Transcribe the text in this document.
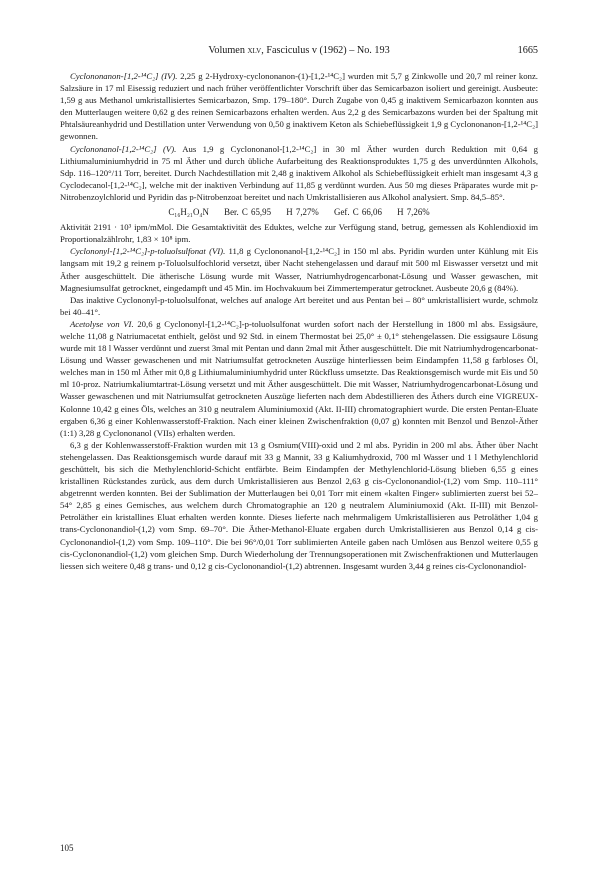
Volumen xlv, Fasciculus v (1962) – No. 193	1665

Cyclononanon-[1,2-¹⁴C₂] (IV). 2,25 g 2-Hydroxy-cyclononanon-(1)-[1,2-¹⁴C₂] wurden mit 5,7 g Zinkwolle und 20,7 ml reiner konz. Salzsäure in 17 ml Eisessig reduziert und nach früher veröffentlichter Vorschrift über das Semicarbazon isoliert und gereinigt. Ausbeute: 1,59 g aus Methanol umkristallisiertes Semicarbazon, Smp. 179–180°. Durch Zugabe von 0,45 g inaktivem Semicarbazon konnten aus den Mutterlaugen weitere 0,62 g des reinen Semicarbazons erhalten werden. Aus 2,2 g des Semicarbazons wurden bei der Spaltung mit Phtalsäureanhydrid und Destillation unter Verwendung von 0,50 g inaktivem Keton als Schiebeflüssigkeit 1,9 g Cyclononanon-[1,2-¹⁴C₂] gewonnen.

Cyclononanol-[1,2-¹⁴C₂] (V). Aus 1,9 g Cyclononanol-[1,2-¹⁴C₂] in 30 ml Äther wurden durch Reduktion mit 0,64 g Lithiumaluminiumhydrid in 75 ml Äther und durch übliche Aufarbeitung des Reaktionsproduktes 1,75 g des unverdünnten Alkohols, Sdp. 116–120°/11 Torr, bereitet. Durch Nachdestillation mit 2,48 g inaktivem Alkohol als Schiebeflüssigkeit erhielt man insgesamt 4,3 g Cyclodecanol-[1,2-¹⁴C₂], welche mit der inaktiven Verbindung auf 11,85 g verdünnt wurden. Aus 50 mg dieses Präparates wurde mit p-Nitrobenzoylchlorid und Pyridin das p-Nitrobenzoat bereitet und nach Umkristallisieren aus Alkohol analysiert. Smp. 84,5–85°.

C₁₆H₂₁O₄N Ber. C 65,95 H 7,27% Gef. C 66,06 H 7,26%

Aktivität 2191 · 10³ ipm/mMol. Die Gesamtaktivität des Eduktes, welche zur Verfügung stand, betrug, gemessen als Kohlendioxid im Proportionalzählrohr, 1,83 × 10⁸ ipm.

Cyclononyl-[1,2-¹⁴C₂]-p-toluolsulfonat (VI). 11,8 g Cyclononanol-[1,2-¹⁴C₂] in 150 ml abs. Pyridin wurden unter Kühlung mit Eis langsam mit 19,2 g reinem p-Toluolsulfochlorid versetzt, über Nacht stehengelassen und darauf mit 500 ml Eiswasser versetzt und mit Äther ausgeschüttelt. Die ätherische Lösung wurde mit Wasser, Natriumhydrogencarbonat-Lösung und Wasser gewaschen, mit Magnesiumsulfat getrocknet, eingedampft und 45 Min. im Hochvakuum bei Zimmertemperatur getrocknet. Ausbeute 20,6 g (84%).

Das inaktive Cyclononyl-p-toluolsulfonat, welches auf analoge Art bereitet und aus Pentan bei – 80° umkristallisiert wurde, schmolz bei 40–41°.

Acetolyse von VI. 20,6 g Cyclononyl-[1,2-¹⁴C₂]-p-toluolsulfonat wurden sofort nach der Herstellung in 1800 ml abs. Essigsäure, welche 11,08 g Natriumacetat enthielt, gelöst und 92 Std. in einem Thermostat bei 25,0° ± 0,1° stehengelassen. Die essigsaure Lösung wurde mit 18 l Wasser verdünnt und zuerst 3mal mit Pentan und dann 2mal mit Äther ausgeschüttelt. Die mit Natriumhydrogencarbonat-Lösung und Wasser gewaschenen und mit Natriumsulfat getrockneten Auszüge hinterliessen beim Eindampfen 11,58 g farbloses Öl, welches man in 150 ml Äther mit 0,8 g Lithiumaluminiumhydrid unter Rückfluss umsetzte. Das Reaktionsgemisch wurde mit Eis und 50 ml 10-proz. Natriumkaliumtartrat-Lösung versetzt und mit Äther ausgeschüttelt. Die mit Wasser, Natriumhydrogencarbonat-Lösung und Wasser gewaschenen und mit Natriumsulfat getrockneten Auszüge lieferten nach dem Abdestillieren des Äthers durch eine VIGREUX-Kolonne 10,42 g eines Öls, welches an 310 g neutralem Aluminiumoxid (Akt. II-III) chromatographiert wurde. Die ersten Pentan-Eluate ergaben 6,36 g einer Kohlenwasserstoff-Fraktion. Nach einer kleinen Zwischenfraktion (0,07 g) konnten mit Benzol und Benzol-Äther (1:1) 3,28 g Cyclononanol (VIIs) erhalten werden.

6,3 g der Kohlenwasserstoff-Fraktion wurden mit 13 g Osmium(VIII)-oxid und 2 ml abs. Pyridin in 200 ml abs. Äther über Nacht stehengelassen. Das Reaktionsgemisch wurde darauf mit 33 g Mannit, 33 g Kaliumhydroxid, 700 ml Wasser und 1 l Methylenchlorid geschüttelt, bis sich die Methylenchlorid-Schicht entfärbte. Beim Eindampfen der Methylenchlorid-Lösung blieben 6,55 g eines kristallinen Rückstandes zurück, aus dem durch Umkristallisieren aus Benzol 2,63 g cis-Cyclononandiol-(1,2) vom Smp. 110–111° abgetrennt werden konnten. Bei der Sublimation der Mutterlaugen bei 0,01 Torr mit einem «kalten Finger» sublimierten zuerst bei 52–54° 2,85 g eines Gemisches, aus welchem durch Chromatographie an 120 g neutralem Aluminiumoxid (Akt. II-III) mit Benzol-Petroläther ein kristallines Eluat erhalten werden konnte. Dieses lieferte nach mehrmaligem Umkristallisieren aus Petroläther 1,04 g trans-Cyclononandiol-(1,2) vom Smp. 69–70°. Die Äther-Methanol-Eluate ergaben durch Umkristallisieren aus Benzol 0,14 g cis-Cyclononandiol-(1,2) vom Smp. 109–110°. Die bei 96°/0,01 Torr sublimierten Anteile gaben nach Umlösen aus Benzol weitere 0,55 g cis-Cyclononandiol-(1,2) vom gleichen Smp. Durch Wiederholung der Trennungsoperationen mit Zwischenfraktionen und Mutterlaugen liessen sich weitere 0,48 g trans- und 0,12 g cis-Cyclononandiol-(1,2) abtrennen. Insgesamt wurden 3,44 g reines cis-Cyclononandiol-

105
